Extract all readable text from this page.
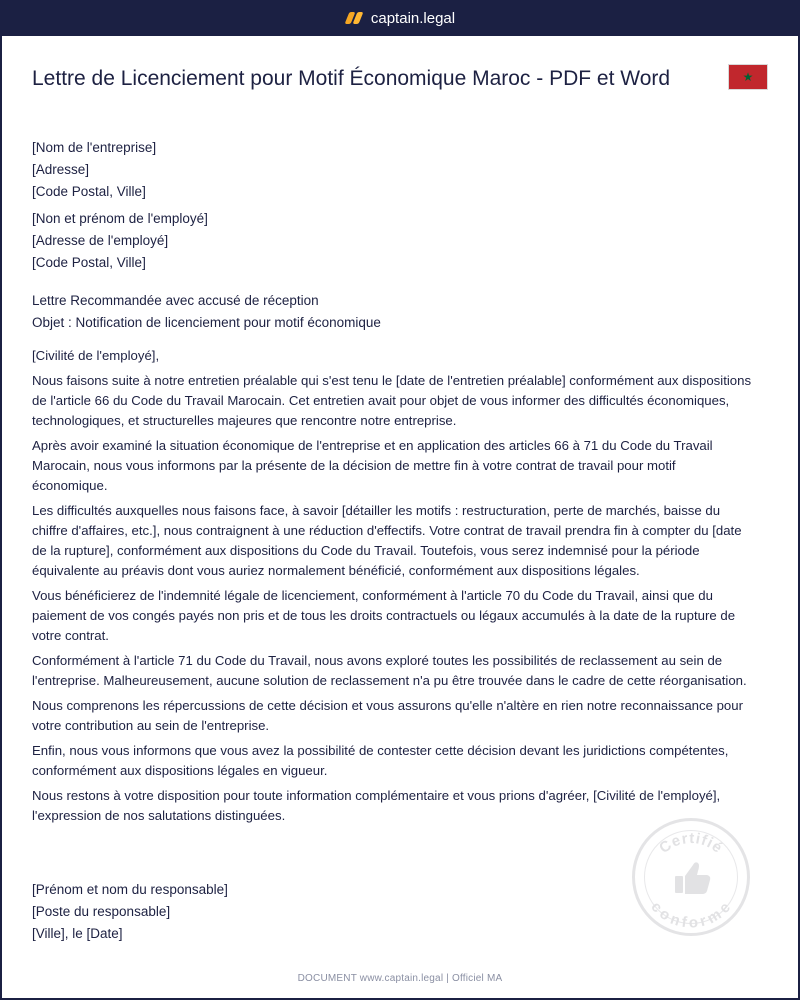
captain.legal
Lettre de Licenciement pour Motif Économique Maroc - PDF et Word	★
[Nom de l'entreprise]
[Adresse]
[Code Postal, Ville]
[Non et prénom de l'employé]
[Adresse de l'employé]
[Code Postal, Ville]
Lettre Recommandée avec accusé de réception
Objet : Notification de licenciement pour motif économique

[Civilité de l'employé],

Nous faisons suite à notre entretien préalable qui s'est tenu le [date de l'entretien préalable] conformément aux dispositions de l'article 66 du Code du Travail Marocain. Cet entretien avait pour objet de vous informer des difficultés économiques, technologiques, et structurelles majeures que rencontre notre entreprise.

Après avoir examiné la situation économique de l'entreprise et en application des articles 66 à 71 du Code du Travail Marocain, nous vous informons par la présente de la décision de mettre fin à votre contrat de travail pour motif économique.

Les difficultés auxquelles nous faisons face, à savoir [détailler les motifs : restructuration, perte de marchés, baisse du chiffre d'affaires, etc.], nous contraignent à une réduction d'effectifs. Votre contrat de travail prendra fin à compter du [date de la rupture], conformément aux dispositions du Code du Travail. Toutefois, vous serez indemnisé pour la période équivalente au préavis dont vous auriez normalement bénéficié, conformément aux dispositions légales.

Vous bénéficierez de l'indemnité légale de licenciement, conformément à l'article 70 du Code du Travail, ainsi que du paiement de vos congés payés non pris et de tous les droits contractuels ou légaux accumulés à la date de la rupture de votre contrat.

Conformément à l'article 71 du Code du Travail, nous avons exploré toutes les possibilités de reclassement au sein de l'entreprise. Malheureusement, aucune solution de reclassement n'a pu être trouvée dans le cadre de cette réorganisation.

Nous comprenons les répercussions de cette décision et vous assurons qu'elle n'altère en rien notre reconnaissance pour votre contribution au sein de l'entreprise.

Enfin, nous vous informons que vous avez la possibilité de contester cette décision devant les juridictions compétentes, conformément aux dispositions légales en vigueur.

Nous restons à votre disposition pour toute information complémentaire et vous prions d'agréer, [Civilité de l'employé], l'expression de nos salutations distinguées.

[Prénom et nom du responsable]
[Poste du responsable]
[Ville], le [Date]
Certifié
conforme
DOCUMENT www.captain.legal | Officiel MA
